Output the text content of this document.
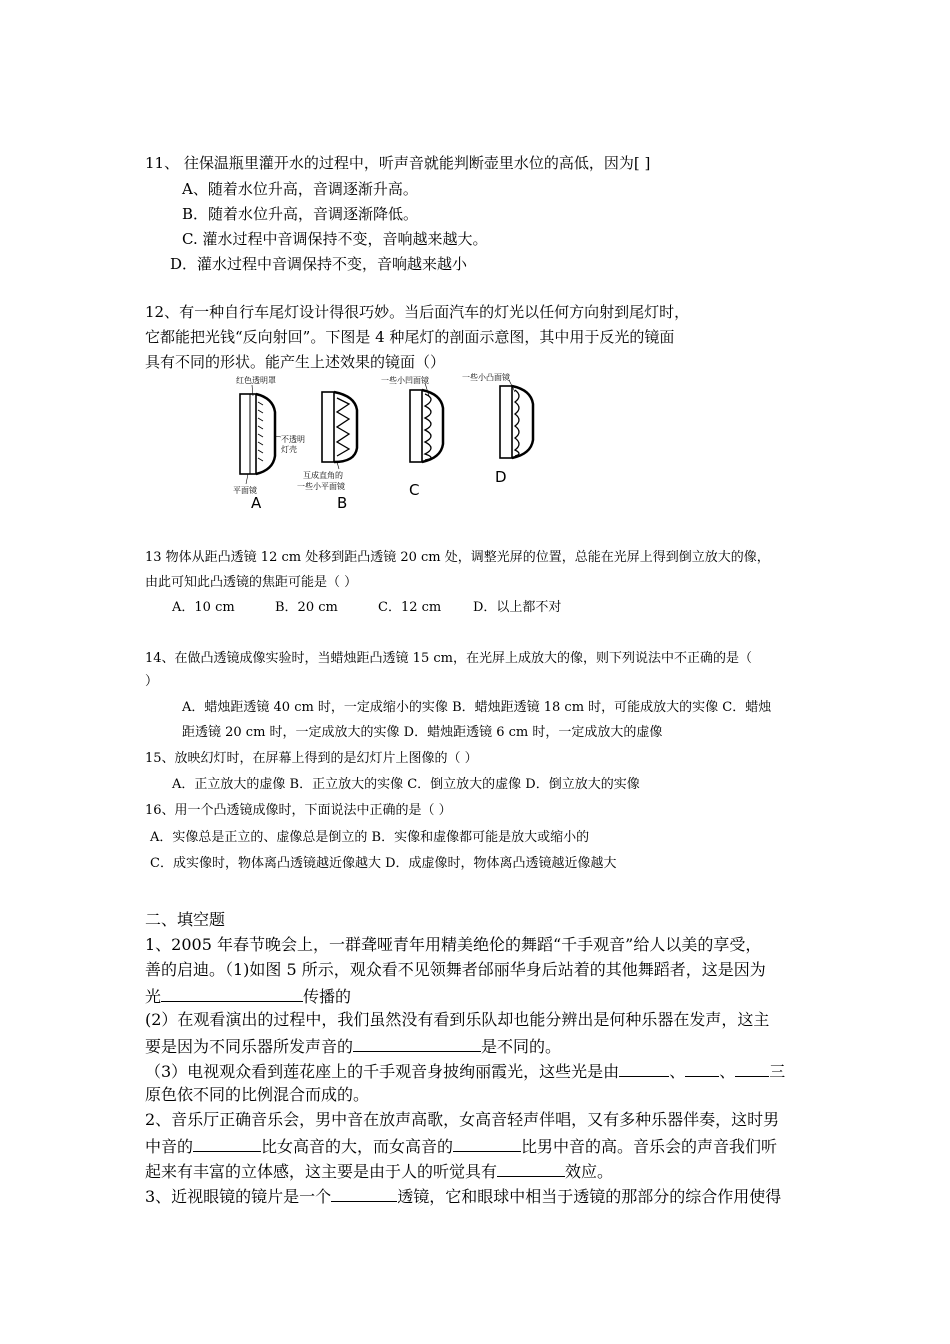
11、 往保温瓶里灌开水的过程中，听声音就能判断壶里水位的高低，因为[ ]
A、随着水位升高，音调逐渐升高。
B．随着水位升高，音调逐渐降低。
C. 灌水过程中音调保持不变，音响越来越大。
D．灌水过程中音调保持不变，音响越来越小
12、有一种自行车尾灯设计得很巧妙。当后面汽车的灯光以任何方向射到尾灯时，
它都能把光钱“反向射回”。下图是 4 种尾灯的剖面示意图，其中用于反光的镜面
具有不同的形状。能产生上述效果的镜面（）
红色透明罩
不透明
灯壳
平面镜
A
互成直角的
一些小平面镜
B
一些小凹面镜
C
一些小凸面镜
D
13 物体从距凸透镜 12 cm 处移到距凸透镜 20 cm 处，调整光屏的位置，总能在光屏上得到倒立放大的像，
由此可知此凸透镜的焦距可能是（ ）
A．10 cm	B．20 cm	C．12 cm D．以上都不对
14、在做凸透镜成像实验时，当蜡烛距凸透镜 15 cm，在光屏上成放大的像，则下列说法中不正确的是（
）
A．蜡烛距透镜 40 cm 时，一定成缩小的实像 B．蜡烛距透镜 18 cm 时，可能成放大的实像 C．蜡烛
距透镜 20 cm 时，一定成放大的实像 D．蜡烛距透镜 6 cm 时，一定成放大的虚像
15、放映幻灯时，在屏幕上得到的是幻灯片上图像的（ ）
A．正立放大的虚像 B．正立放大的实像 C．倒立放大的虚像 D．倒立放大的实像
16、用一个凸透镜成像时，下面说法中正确的是（ ）
A．实像总是正立的、虚像总是倒立的 B．实像和虚像都可能是放大或缩小的
C．成实像时，物体离凸透镜越近像越大 D．成虚像时，物体离凸透镜越近像越大
二、填空题
1、2005 年春节晚会上，一群聋哑青年用精美绝伦的舞蹈“千手观音”给人以美的享受，
善的启迪。（1)如图 5 所示，观众看不见领舞者邰丽华身后站着的其他舞蹈者，这是因为
光	传播的
(2）在观看演出的过程中，我们虽然没有看到乐队却也能分辨出是何种乐器在发声，这主
要是因为不同乐器所发声音的	是不同的。
（3）电视观众看到莲花座上的千手观音身披绚丽霞光，这些光是由	、 、 三
原色依不同的比例混合而成的。
2、音乐厅正确音乐会，男中音在放声高歌，女高音轻声伴唱，又有多种乐器伴奏，这时男
中音的	比女高音的大，而女高音的	比男中音的高。音乐会的声音我们听
起来有丰富的立体感，这主要是由于人的听觉具有	效应。
3、近视眼镜的镜片是一个	透镜，它和眼球中相当于透镜的那部分的综合作用使得
